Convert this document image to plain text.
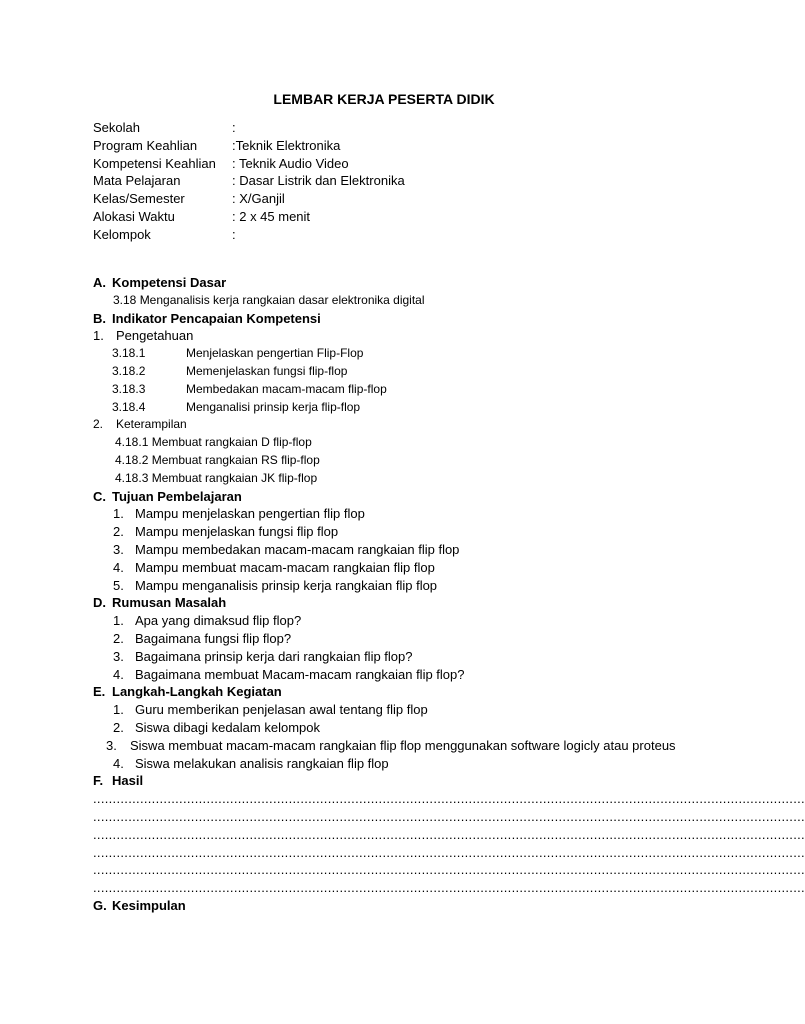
LEMBAR KERJA PESERTA DIDIK
Sekolah	:
Program Keahlian	:Teknik Elektronika
Kompetensi Keahlian	: Teknik Audio Video
Mata Pelajaran	: Dasar Listrik dan Elektronika
Kelas/Semester	: X/Ganjil
Alokasi Waktu	: 2 x 45 menit
Kelompok	:
A. Kompetensi Dasar
3.18 Menganalisis kerja rangkaian dasar elektronika digital
B. Indikator Pencapaian Kompetensi
1. Pengetahuan
3.18.1	Menjelaskan pengertian Flip-Flop
3.18.2	Memenjelaskan fungsi flip-flop
3.18.3	Membedakan macam-macam flip-flop
3.18.4	Menganalisi prinsip kerja flip-flop
2. Keterampilan
4.18.1 Membuat rangkaian D flip-flop
4.18.2 Membuat rangkaian RS flip-flop
4.18.3 Membuat rangkaian JK flip-flop
C. Tujuan Pembelajaran
1. Mampu menjelaskan pengertian flip flop
2. Mampu menjelaskan fungsi flip flop
3. Mampu membedakan macam-macam rangkaian flip flop
4. Mampu membuat macam-macam rangkaian flip flop
5. Mampu menganalisis prinsip kerja rangkaian flip flop
D. Rumusan Masalah
1. Apa yang dimaksud flip flop?
2. Bagaimana fungsi flip flop?
3. Bagaimana prinsip kerja dari rangkaian flip flop?
4. Bagaimana membuat Macam-macam rangkaian flip flop?
E. Langkah-Langkah Kegiatan
1. Guru memberikan penjelasan awal tentang flip flop
2. Siswa dibagi kedalam kelompok
3. Siswa membuat macam-macam rangkaian flip flop menggunakan software logicly atau proteus
4. Siswa melakukan analisis rangkaian flip flop
F. Hasil
......................................................................................................................................................................................
......................................................................................................................................................................................
......................................................................................................................................................................................
......................................................................................................................................................................................
......................................................................................................................................................................................
......................................................................................................................................................................................
G. Kesimpulan
